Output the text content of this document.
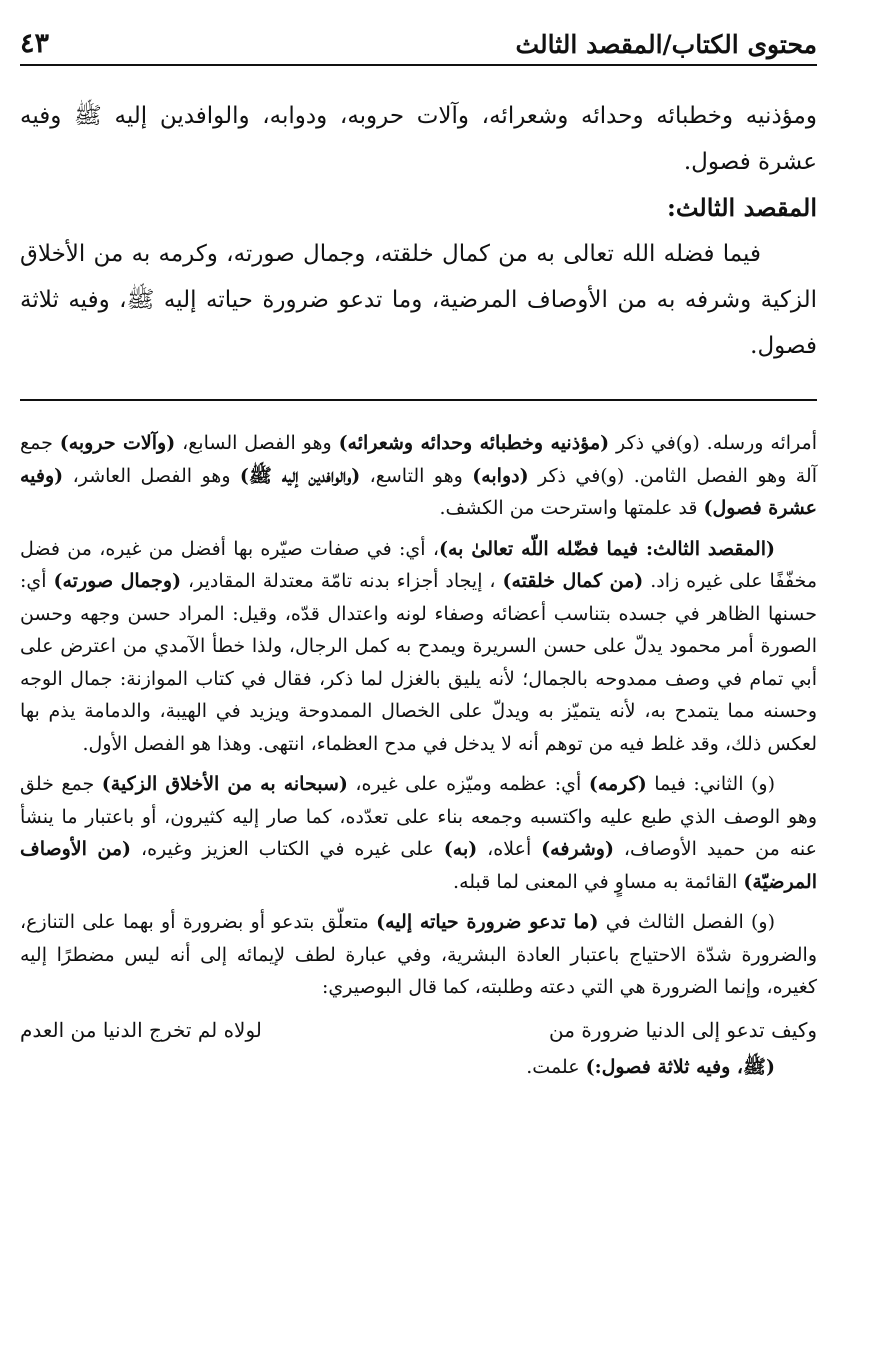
محتوى الكتاب/المقصد الثالث
٤٣

ومؤذنيه وخطبائه وحدائه وشعرائه، وآلات حروبه، ودوابه، والوافدين إليه ﷺ وفيه عشرة فصول.

المقصد الثالث:

فيما فضله الله تعالى به من كمال خلقته، وجمال صورته، وكرمه به من الأخلاق الزكية وشرفه به من الأوصاف المرضية، وما تدعو ضرورة حياته إليه ﷺ، وفيه ثلاثة فصول.

أمرائه ورسله. (و)في ذكر (مؤذنيه وخطبائه وحدائه وشعرائه) وهو الفصل السابع، (وآلات حروبه) جمع آلة وهو الفصل الثامن. (و)في ذكر (دوابه) وهو التاسع، (والوافدين إليه ﷺ) وهو الفصل العاشر، (وفيه عشرة فصول) قد علمتها واسترحت من الكشف.

(المقصد الثالث: فيما فضّله اللّه تعالىٰ به)، أي: في صفات صيّره بها أفضل من غيره، من فضل مخفّفًا على غيره زاد. (من كمال خلقته) ، إيجاد أجزاء بدنه تامّة معتدلة المقادير، (وجمال صورته) أي: حسنها الظاهر في جسده بتناسب أعضائه وصفاء لونه واعتدال قدّه، وقيل: المراد حسن وجهه وحسن الصورة أمر محمود يدلّ على حسن السريرة ويمدح به كمل الرجال، ولذا خطأ الآمدي من اعترض على أبي تمام في وصف ممدوحه بالجمال؛ لأنه يليق بالغزل لما ذكر، فقال في كتاب الموازنة: جمال الوجه وحسنه مما يتمدح به، لأنه يتميّز به ويدلّ على الخصال الممدوحة ويزيد في الهيبة، والدمامة يذم بها لعكس ذلك، وقد غلط فيه من توهم أنه لا يدخل في مدح العظماء، انتهى. وهذا هو الفصل الأول.

(و) الثاني: فيما (كرمه) أي: عظمه وميّزه على غيره، (سبحانه به من الأخلاق الزكية) جمع خلق وهو الوصف الذي طبع عليه واكتسبه وجمعه بناء على تعدّده، كما صار إليه كثيرون، أو باعتبار ما ينشأ عنه من حميد الأوصاف، (وشرفه) أعلاه، (به) على غيره في الكتاب العزيز وغيره، (من الأوصاف المرضيّة) القائمة به مساوٍ في المعنى لما قبله.

(و) الفصل الثالث في (ما تدعو ضرورة حياته إليه) متعلّق بتدعو أو بضرورة أو بهما على التنازع، والضرورة شدّة الاحتياج باعتبار العادة البشرية، وفي عبارة لطف لإيمائه إلى أنه ليس مضطرًا إليه كغيره، وإنما الضرورة هي التي دعته وطلبته، كما قال البوصيري:

وكيف تدعو إلى الدنيا ضرورة من
لولاه لم تخرج الدنيا من العدم

(ﷺ، وفيه ثلاثة فصول:) علمت.
